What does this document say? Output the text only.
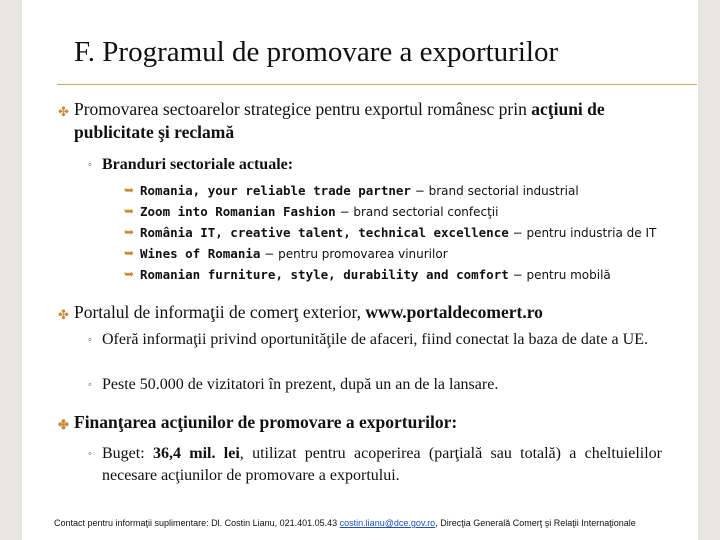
F. Programul de promovare a exporturilor
✤ Promovarea sectoarelor strategice pentru exportul românesc prin acţiuni de publicitate şi reclamă
◦ Branduri sectoriale actuale:
➥ Romania, your reliable trade partner − brand sectorial industrial
➥ Zoom into Romanian Fashion − brand sectorial confecţii
➥ România IT, creative talent, technical excellence − pentru industria de IT
➥ Wines of Romania − pentru promovarea vinurilor
➥ Romanian furniture, style, durability and comfort − pentru mobilă
✤ Portalul de informaţii de comerţ exterior, www.portaldecomert.ro
◦ Oferă informaţii privind oportunităţile de afaceri, fiind conectat la baza de date a UE.
◦ Peste 50.000 de vizitatori în prezent, după un an de la lansare.
✤ Finanţarea acţiunilor de promovare a exporturilor:
◦ Buget: 36,4 mil. lei, utilizat pentru acoperirea (parţială sau totală) a cheltuielilor necesare acţiunilor de promovare a exportului.
Contact pentru informaţii suplimentare: Dl. Costin Lianu, 021.401.05.43 costin.lianu@dce.gov.ro, Direcţia Generală Comerţ şi Relaţii Internaţionale
